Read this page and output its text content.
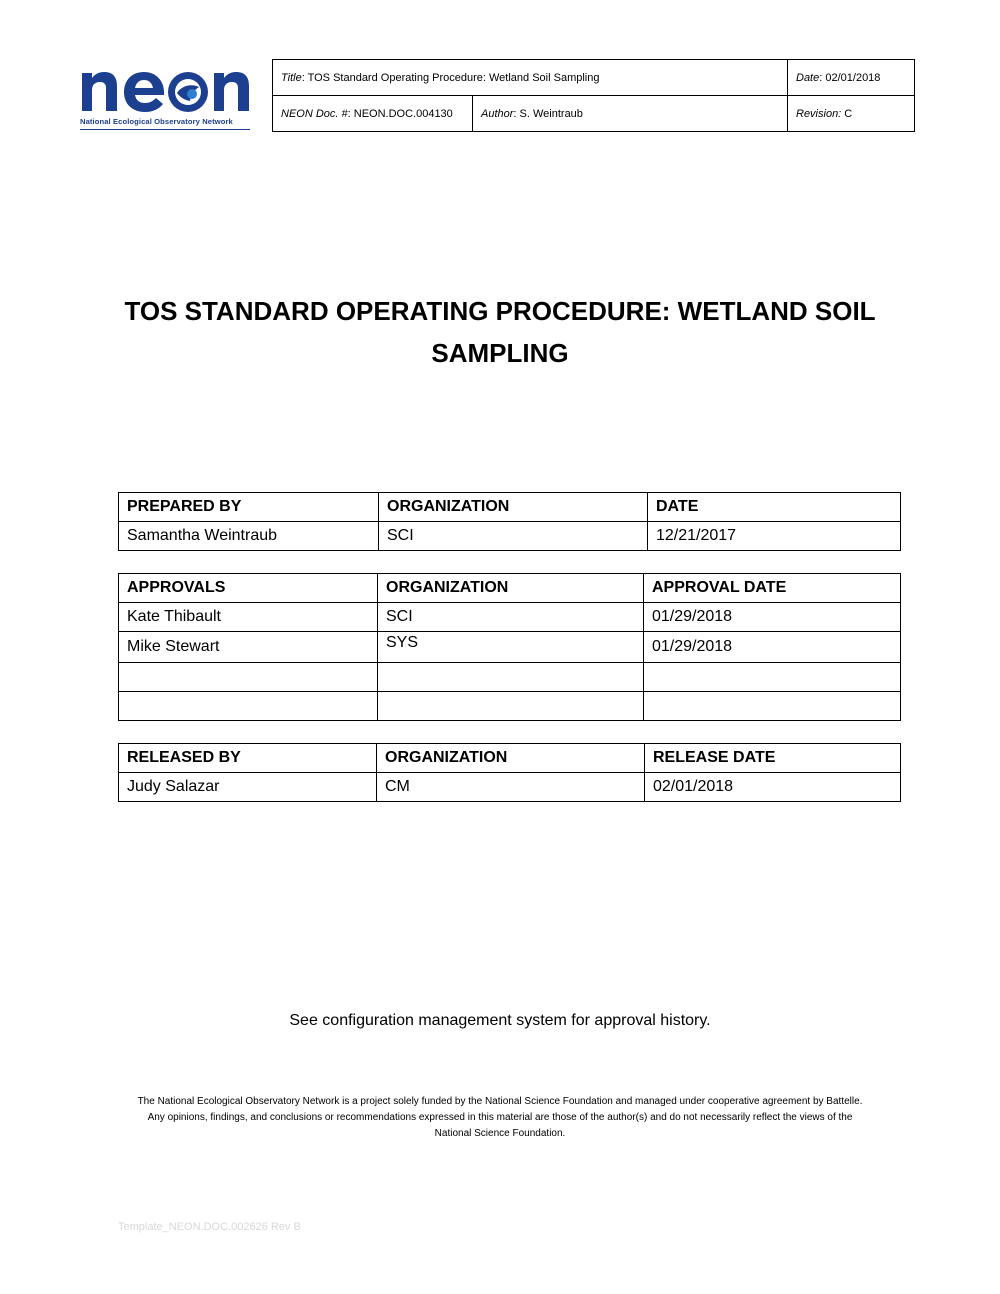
National Ecological Observatory Network
Title: TOS Standard Operating Procedure: Wetland Soil Sampling		Date: 02/01/2018
NEON Doc. #: NEON.DOC.004130	Author: S. Weintraub	Revision: C
TOS STANDARD OPERATING PROCEDURE: WETLAND SOIL
SAMPLING
PREPARED BY	ORGANIZATION	DATE
Samantha Weintraub	SCI	12/21/2017
APPROVALS	ORGANIZATION	APPROVAL DATE
Kate Thibault	SCI	01/29/2018
Mike Stewart	SYS	01/29/2018

RELEASED BY	ORGANIZATION	RELEASE DATE
Judy Salazar	CM	02/01/2018
See configuration management system for approval history.
The National Ecological Observatory Network is a project solely funded by the National Science Foundation and managed under cooperative agreement by Battelle.
Any opinions, findings, and conclusions or recommendations expressed in this material are those of the author(s) and do not necessarily reflect the views of the
National Science Foundation.
Template_NEON.DOC.002626 Rev B
